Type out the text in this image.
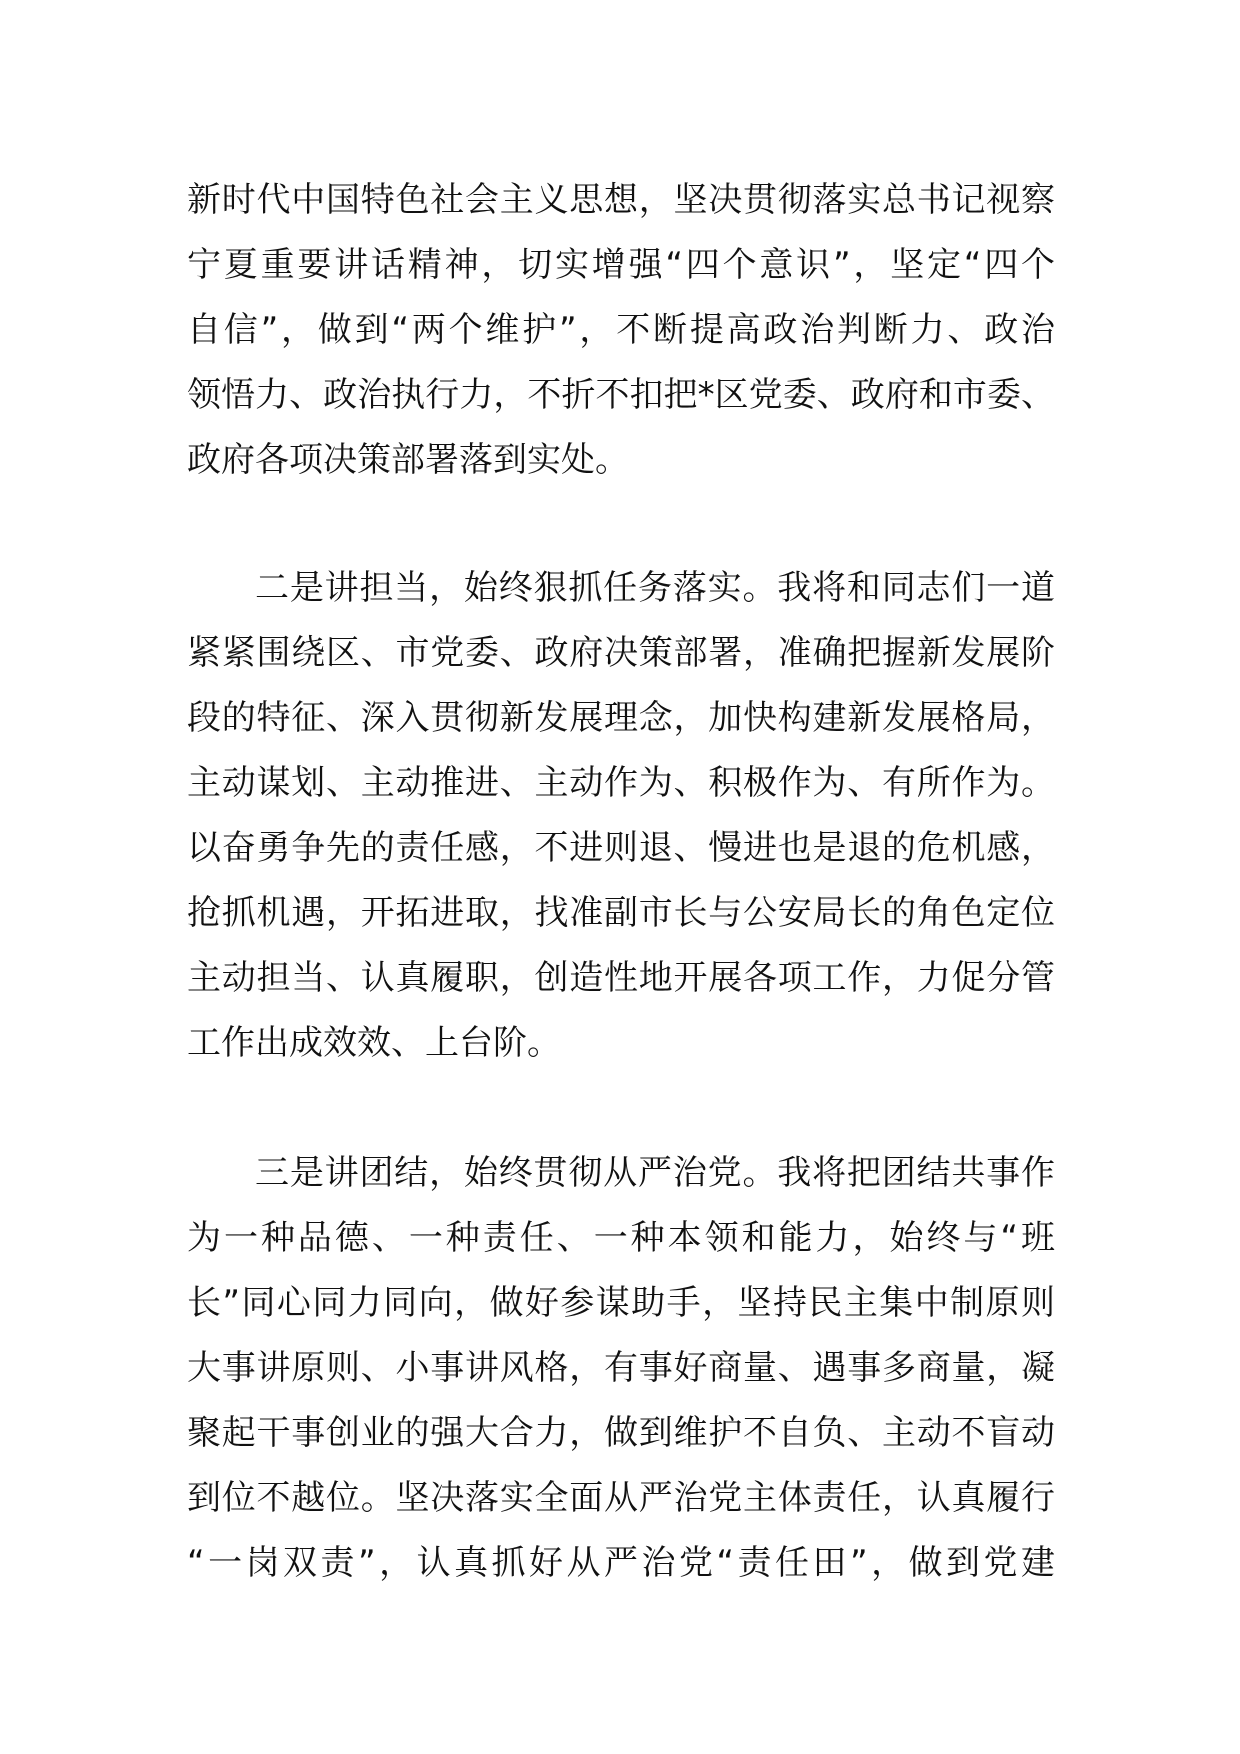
新时代中国特色社会主义思想，坚决贯彻落实总书记视察
宁夏重要讲话精神，切实增强“四个意识”，坚定“四个
自信”，做到“两个维护”，不断提高政治判断力、政治
领悟力、政治执行力，不折不扣把*区党委、政府和市委、
政府各项决策部署落到实处。
二是讲担当，始终狠抓任务落实。我将和同志们一道
紧紧围绕区、市党委、政府决策部署，准确把握新发展阶
段的特征、深入贯彻新发展理念，加快构建新发展格局，
主动谋划、主动推进、主动作为、积极作为、有所作为。
以奋勇争先的责任感，不进则退、慢进也是退的危机感，
抢抓机遇，开拓进取，找准副市长与公安局长的角色定位
主动担当、认真履职，创造性地开展各项工作，力促分管
工作出成效效、上台阶。
三是讲团结，始终贯彻从严治党。我将把团结共事作
为一种品德、一种责任、一种本领和能力，始终与“班
长”同心同力同向，做好参谋助手，坚持民主集中制原则
大事讲原则、小事讲风格，有事好商量、遇事多商量，凝
聚起干事创业的强大合力，做到维护不自负、主动不盲动
到位不越位。坚决落实全面从严治党主体责任，认真履行
“一岗双责”，认真抓好从严治党“责任田”，做到党建
